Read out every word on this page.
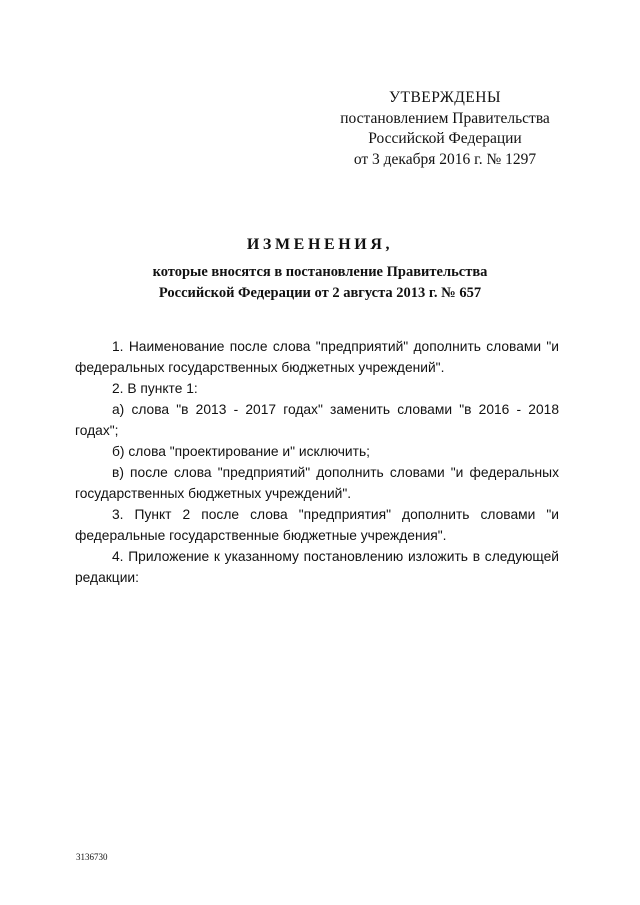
УТВЕРЖДЕНЫ
постановлением Правительства
Российской Федерации
от 3 декабря 2016 г. № 1297
ИЗМЕНЕНИЯ,
которые вносятся в постановление Правительства
Российской Федерации от 2 августа 2013 г. № 657

1. Наименование после слова "предприятий" дополнить словами "и федеральных государственных бюджетных учреждений".

2. В пункте 1:

а) слова "в 2013 - 2017 годах" заменить словами "в 2016 - 2018 годах";

б) слова "проектирование и" исключить;

в) после слова "предприятий" дополнить словами "и федеральных государственных бюджетных учреждений".

3. Пункт 2 после слова "предприятия" дополнить словами "и федеральные государственные бюджетные учреждения".

4. Приложение к указанному постановлению изложить в следующей редакции:

3136730
